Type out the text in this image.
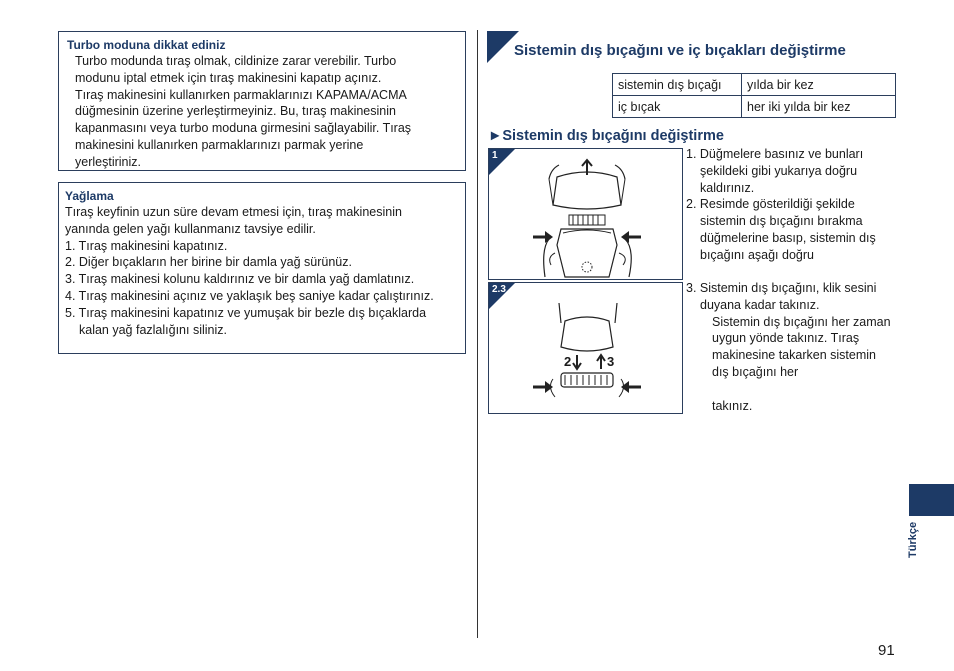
Turbo moduna dikkat ediniz
Turbo modunda tıraş olmak, cildinize zarar verebilir. Turbo
modunu iptal etmek için tıraş makinesini kapatıp açınız.
Tıraş makinesini kullanırken parmaklarınızı KAPAMA/ACMA
düğmesinin üzerine yerleştirmeyiniz. Bu, tıraş makinesinin
kapanmasını veya turbo moduna girmesini sağlayabilir. Tıraş
makinesini kullanırken parmaklarınızı parmak yerine
yerleştiriniz.
Yağlama
Tıraş keyfinin uzun süre devam etmesi için, tıraş makinesinin
yanında gelen yağı kullanmanız tavsiye edilir.
1. Tıraş makinesini kapatınız.
2. Diğer bıçakların her birine bir damla yağ sürünüz.
3. Tıraş makinesi kolunu kaldırınız ve bir damla yağ damlatınız.
4. Tıraş makinesini açınız ve yaklaşık beş saniye kadar çalıştırınız.
5. Tıraş makinesini kapatınız ve yumuşak bir bezle dış bıçaklarda kalan yağ fazlalığını siliniz.
Sistemin dış bıçağını ve iç bıçakları değiştirme
sistemin dış bıçağı	yılda bir kez
iç bıçak	her iki yılda bir kez
►Sistemin dış bıçağını değiştirme
1
2.3
2	3
1. Düğmelere basınız ve bunları şekildeki gibi yukarıya doğru kaldırınız.
2. Resimde gösterildiği şekilde sistemin dış bıçağını bırakma düğmelerine basıp, sistemin dış bıçağını aşağı doğru
3. Sistemin dış bıçağını, klik sesini duyana kadar takınız.
Sistemin dış bıçağını her zaman uygun yönde takınız. Tıraş makinesine takarken sistemin dış bıçağını her
takınız.
Türkçe
91
